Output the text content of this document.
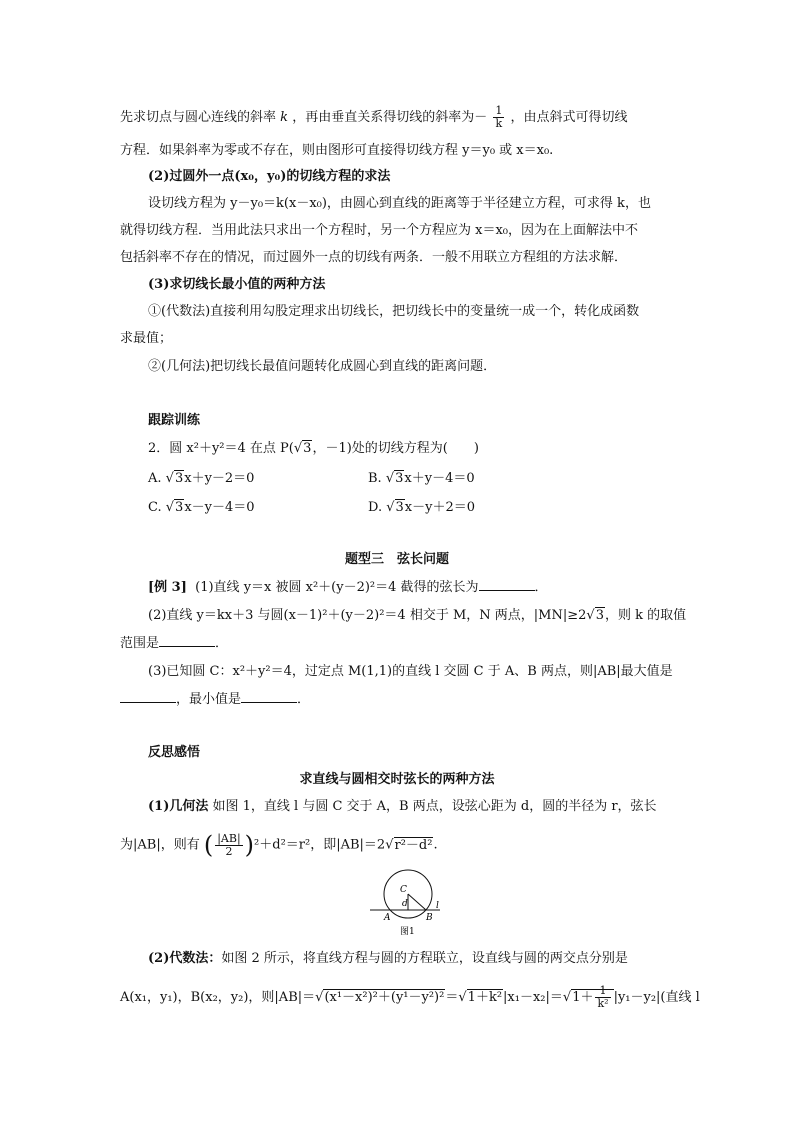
先求切点与圆心连线的斜率 k ，再由垂直关系得切线的斜率为－ $\frac{1}{k}$ ，由点斜式可得切线
方程．如果斜率为零或不存在，则由图形可直接得切线方程 y＝y₀ 或 x＝x₀.
(2)过圆外一点(x₀，y₀)的切线方程的求法
设切线方程为 y－y₀＝k(x－x₀)，由圆心到直线的距离等于半径建立方程，可求得 k，也
就得切线方程．当用此法只求出一个方程时，另一个方程应为 x＝x₀，因为在上面解法中不
包括斜率不存在的情况，而过圆外一点的切线有两条．一般不用联立方程组的方法求解．
(3)求切线长最小值的两种方法
①(代数法)直接利用勾股定理求出切线长，把切线长中的变量统一成一个，转化成函数
求最值；
②(几何法)把切线长最值问题转化成圆心到直线的距离问题．
跟踪训练
2．圆 x²＋y²＝4 在点 P(√3，－1)处的切线方程为(　　)
A. √3x＋y－2＝0	B. √3x＋y－4＝0
C. √3x－y－4＝0	D. √3x－y＋2＝0
题型三　弦长问题
[例 3] (1)直线 y＝x 被圆 x²＋(y－2)²＝4 截得的弦长为	．
(2)直线 y＝kx＋3 与圆(x－1)²＋(y－2)²＝4 相交于 M，N 两点，|MN|≥2√3，则 k 的取值
范围是	．
(3)已知圆 C：x²＋y²＝4，过定点 M(1,1)的直线 l 交圆 C 于 A、B 两点，则|AB|最大值是
，最小值是	．
反思感悟
求直线与圆相交时弦长的两种方法
(1)几何法 如图 1，直线 l 与圆 C 交于 A，B 两点，设弦心距为 d，圆的半径为 r，弦长
为|AB|，则有 ( $\frac{|AB|}{2} )^2+d^2=r^2$，即|AB|＝2√r²－d².
C
d
A	B
l
图1
(2)代数法：如图 2 所示，将直线方程与圆的方程联立，设直线与圆的两交点分别是
A(x₁，y₁)，B(x₂，y₂)，则$|AB|=√(x^1-x^2)^2+(y^1-y^2)^2=√1+k^2|x_1-x_2|=√1+ \frac{1}{\text{k²}} |y_1-y_2|$(直线 l
